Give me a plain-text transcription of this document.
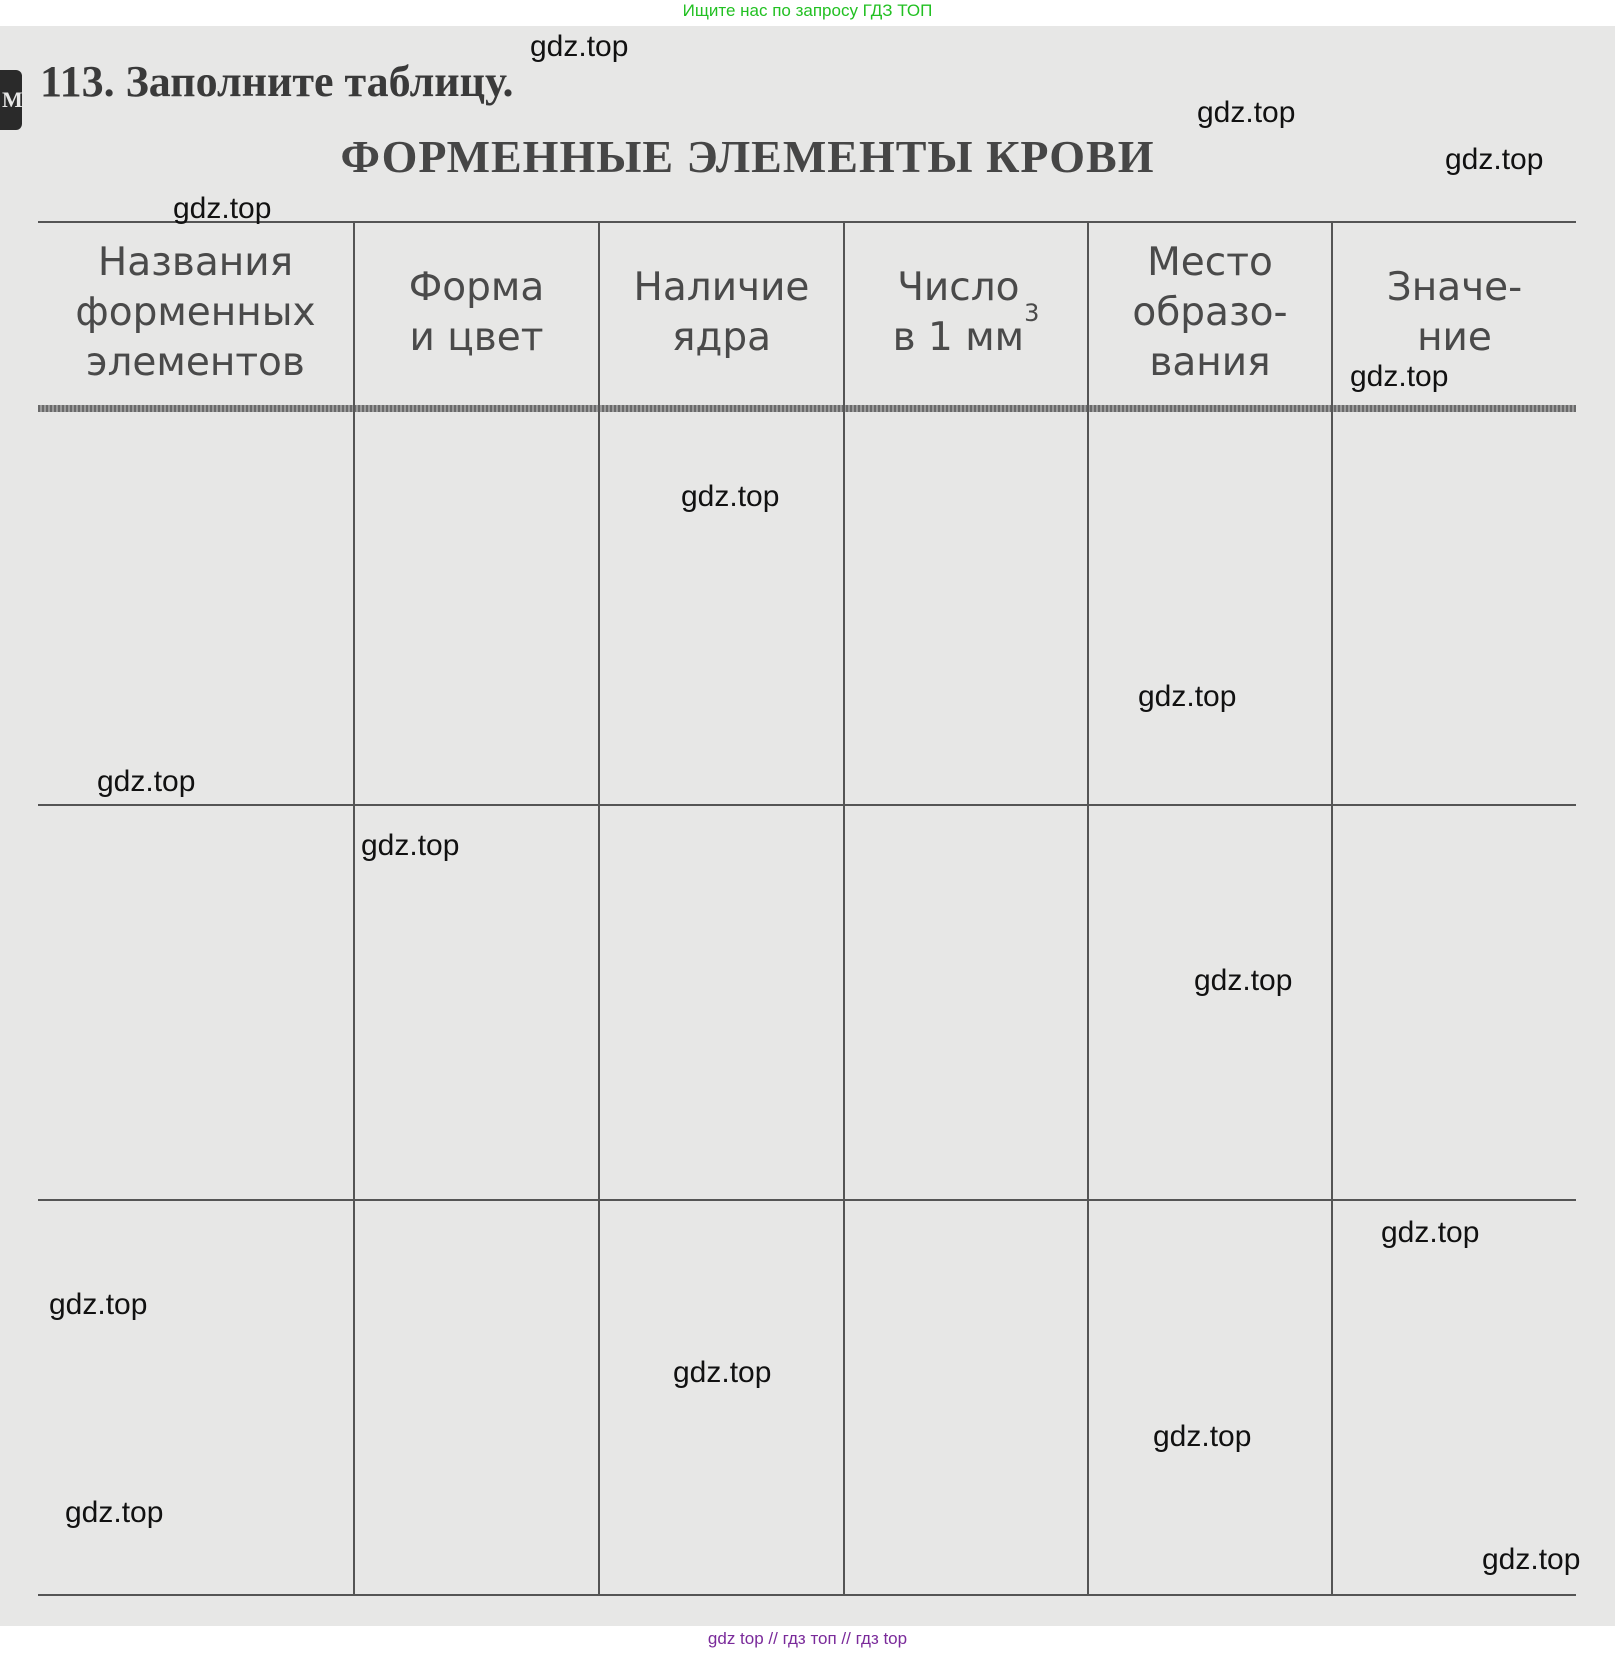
Ищите нас по запросу ГДЗ ТОП
М 113. Заполните таблицу.
ФОРМЕННЫЕ ЭЛЕМЕНТЫ КРОВИ
Названия
форменных
элементов
Форма
и цвет
Наличие
ядра
Число
в 1 мм
3
Место
образо-
вания
Значе-
ние
gdz.top
gdz.top
gdz.top
gdz.top
gdz.top
gdz.top
gdz.top
gdz.top
gdz.top
gdz.top
gdz.top
gdz.top
gdz.top
gdz.top
gdz.top
gdz.top
gdz top // гдз топ // гдз top
